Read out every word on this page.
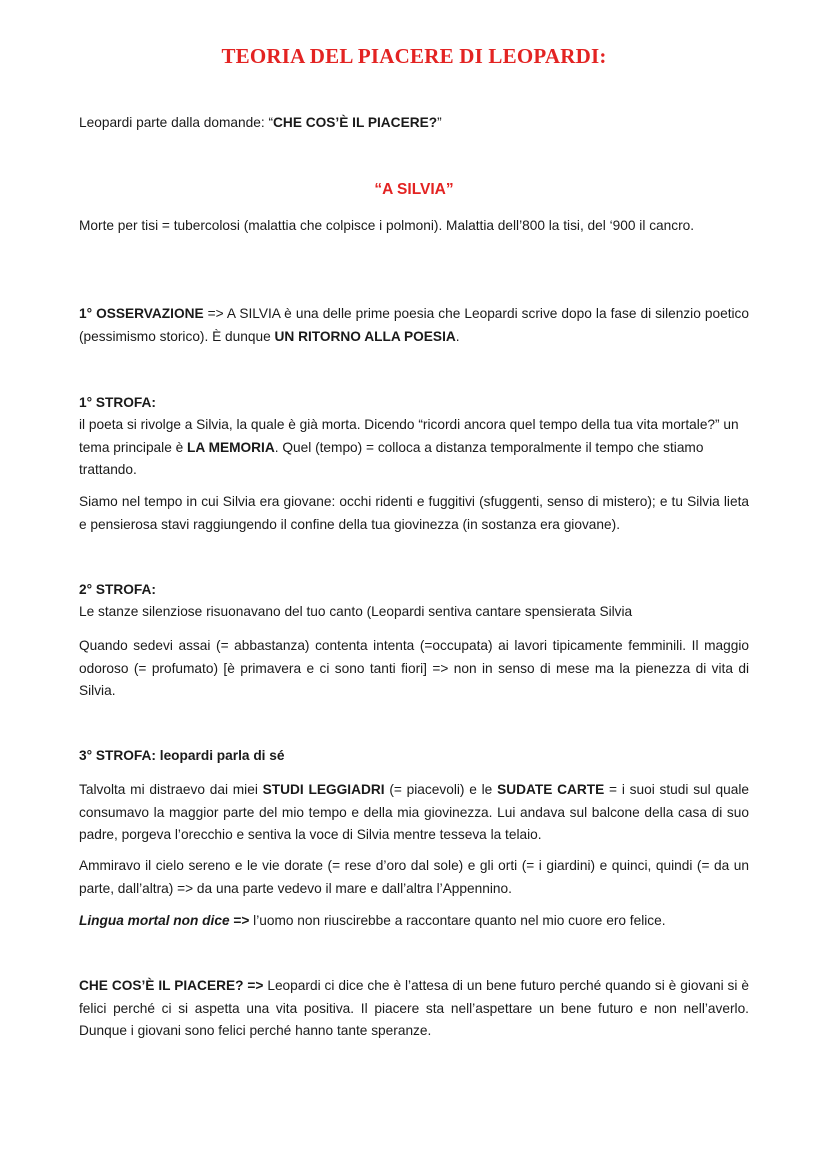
TEORIA DEL PIACERE DI LEOPARDI:

Leopardi parte dalla domande: “CHE COS’È IL PIACERE?”

“A SILVIA”

Morte per tisi = tubercolosi (malattia che colpisce i polmoni). Malattia dell’800 la tisi, del ‘900 il cancro.

1° OSSERVAZIONE => A SILVIA è una delle prime poesia che Leopardi scrive dopo la fase di silenzio poetico (pessimismo storico). È dunque UN RITORNO ALLA POESIA.

1° STROFA:

il poeta si rivolge a Silvia, la quale è già morta. Dicendo “ricordi ancora quel tempo della tua vita mortale?” un tema principale è LA MEMORIA. Quel (tempo) = colloca a distanza temporalmente il tempo che stiamo trattando.

Siamo nel tempo in cui Silvia era giovane: occhi ridenti e fuggitivi (sfuggenti, senso di mistero); e tu Silvia lieta e pensierosa stavi raggiungendo il confine della tua giovinezza (in sostanza era giovane).

2° STROFA:

Le stanze silenziose risuonavano del tuo canto (Leopardi sentiva cantare spensierata Silvia

Quando sedevi assai (= abbastanza) contenta intenta (=occupata) ai lavori tipicamente femminili. Il maggio odoroso (= profumato) [è primavera e ci sono tanti fiori] => non in senso di mese ma la pienezza di vita di Silvia.

3° STROFA: leopardi parla di sé

Talvolta mi distraevo dai miei STUDI LEGGIADRI (= piacevoli) e le SUDATE CARTE = i suoi studi sul quale consumavo la maggior parte del mio tempo e della mia giovinezza. Lui andava sul balcone della casa di suo padre, porgeva l’orecchio e sentiva la voce di Silvia mentre tesseva la telaio.

Ammiravo il cielo sereno e le vie dorate (= rese d’oro dal sole) e gli orti (= i giardini) e quinci, quindi (= da un parte, dall’altra) => da una parte vedevo il mare e dall’altra l’Appennino.

Lingua mortal non dice => l’uomo non riuscirebbe a raccontare quanto nel mio cuore ero felice.

CHE COS’È IL PIACERE? => Leopardi ci dice che è l’attesa di un bene futuro perché quando si è giovani si è felici perché ci si aspetta una vita positiva. Il piacere sta nell’aspettare un bene futuro e non nell’averlo. Dunque i giovani sono felici perché hanno tante speranze.
